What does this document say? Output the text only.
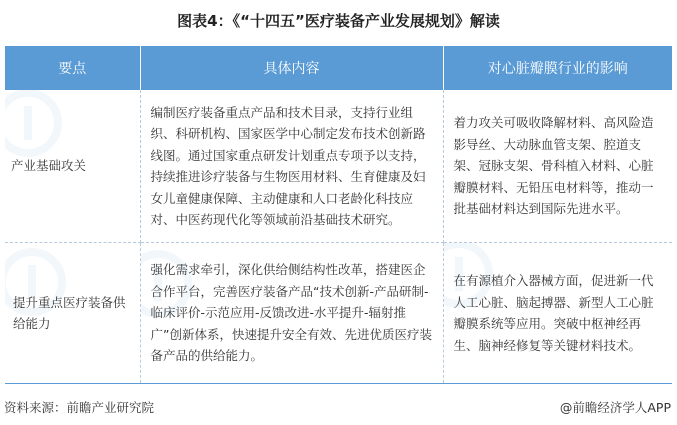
图表4：《“十四五”医疗装备产业发展规划》解读
要点	具体内容	对心脏瓣膜行业的影响

产业基础攻关	编制医疗装备重点产品和技术目录，支持行业组织、科研机构、国家医学中心制定发布技术创新路线图。通过国家重点研发计划重点专项予以支持，持续推进诊疗装备与生物医用材料、生育健康及妇女儿童健康保障、主动健康和人口老龄化科技应对、中医药现代化等领域前沿基础技术研究。	着力攻关可吸收降解材料、高风险造影导丝、大动脉血管支架、腔道支架、冠脉支架、骨科植入材料、心脏瓣膜材料、无铅压电材料等，推动一批基础材料达到国际先进水平。

提升重点医疗装备供给能力	强化需求牵引，深化供给侧结构性改革，搭建医企合作平台，完善医疗装备产品“技术创新-产品研制-临床评价-示范应用-反馈改进-水平提升-辐射推广”创新体系，快速提升安全有效、先进优质医疗装备产品的供给能力。	在有源植介入器械方面，促进新一代人工心脏、脑起搏器、新型人工心脏瓣膜系统等应用。突破中枢神经再生、脑神经修复等关键材料技术。
资料来源：前瞻产业研究院	@前瞻经济学人APP
